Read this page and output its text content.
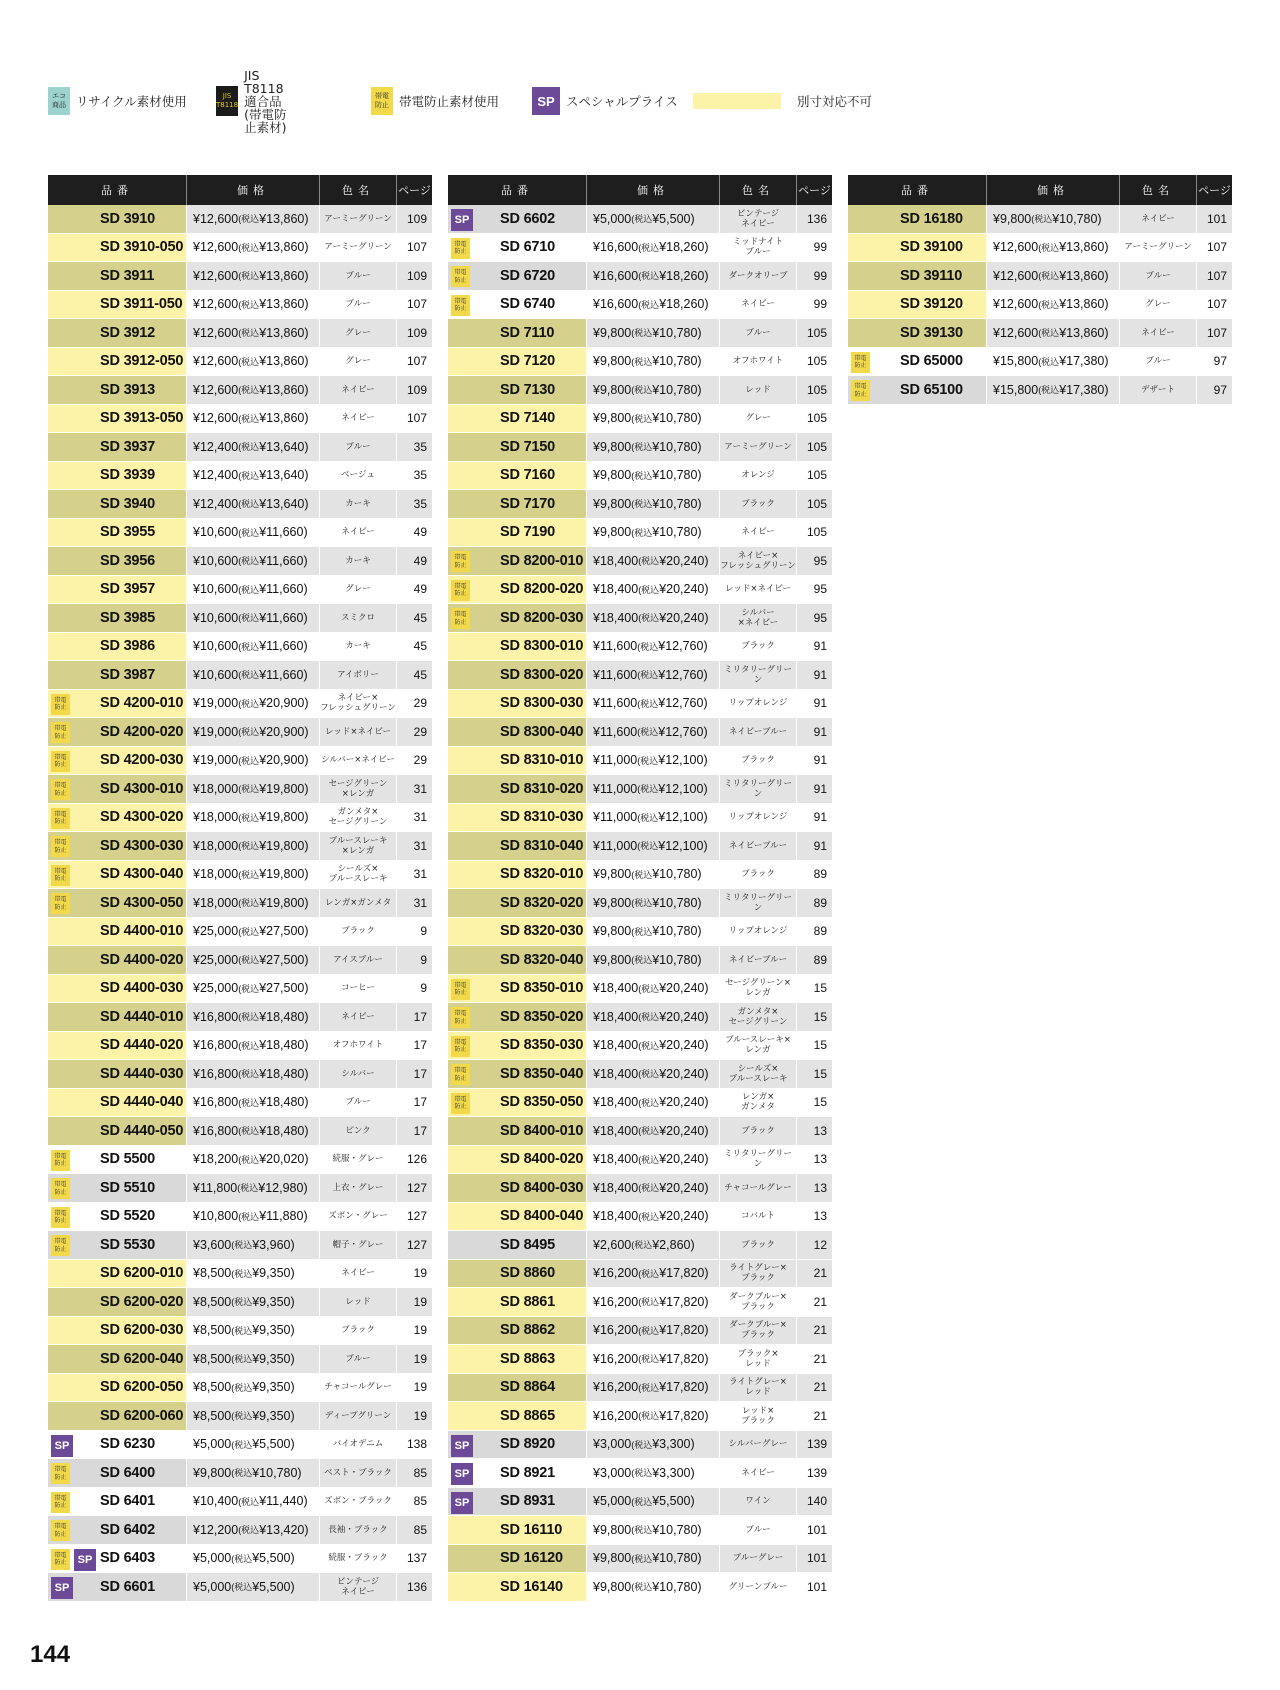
エコ
商品 リサイクル素材使用	JIS
T8118
JIS T8118適合品
(帯電防止素材)
帯電
防止 帯電防止素材使用	SP スペシャルプライス	別寸対応不可
品番	価格	色名	ページ
SD 3910	¥12,600 (税込 ¥13,860)	アーミーグリーン	109
SD 3910-050 ¥12,600 (税込 ¥13,860)	アーミーグリーン	107
SD 3911	¥12,600 (税込 ¥13,860)	ブルー	109
SD 3911-050 ¥12,600 (税込 ¥13,860)	ブルー	107
SD 3912	¥12,600 (税込 ¥13,860)	グレー	109
SD 3912-050 ¥12,600 (税込 ¥13,860)	グレー	107
SD 3913	¥12,600 (税込 ¥13,860)	ネイビー	109
SD 3913-050 ¥12,600 (税込 ¥13,860)	ネイビー	107
SD 3937	¥12,400 (税込 ¥13,640)	ブルー	35
SD 3939	¥12,400 (税込 ¥13,640)	ベージュ	35
SD 3940	¥12,400 (税込 ¥13,640)	カーキ	35
SD 3955	¥10,600 (税込 ¥11,660)	ネイビー	49
SD 3956	¥10,600 (税込 ¥11,660)	カーキ	49
SD 3957	¥10,600 (税込 ¥11,660)	グレー	49
SD 3985	¥10,600 (税込 ¥11,660)	スミクロ	45
SD 3986	¥10,600 (税込 ¥11,660)	カーキ	45
SD 3987	¥10,600 (税込 ¥11,660)	アイボリー	45
帯電
防止 SD 4200-010 ¥19,000 (税込 ¥20,900)	ネイビー×
フレッシュグリーン	29
帯電
防止 SD 4200-020 ¥19,000 (税込 ¥20,900)	レッド×ネイビー	29
帯電
防止 SD 4200-030 ¥19,000 (税込 ¥20,900) シルバー×ネイビー	29
帯電
防止 SD 4300-010 ¥18,000 (税込 ¥19,800)	セージグリーン
×レンガ	31
帯電
防止 SD 4300-020 ¥18,000 (税込 ¥19,800)	ガンメタ×
セージグリーン	31
帯電
防止 SD 4300-030 ¥18,000 (税込 ¥19,800)	ブルースレーキ
×レンガ	31
帯電
防止 SD 4300-040 ¥18,000 (税込 ¥19,800)	シールズ×
ブルースレーキ	31
帯電
防止 SD 4300-050 ¥18,000 (税込 ¥19,800)	レンガ×ガンメタ	31
SD 4400-010 ¥25,000 (税込 ¥27,500)	ブラック	9
SD 4400-020 ¥25,000 (税込 ¥27,500)	アイスブルー	9
SD 4400-030 ¥25,000 (税込 ¥27,500)	コーヒー	9
SD 4440-010 ¥16,800 (税込 ¥18,480)	ネイビー	17
SD 4440-020 ¥16,800 (税込 ¥18,480)	オフホワイト	17
SD 4440-030 ¥16,800 (税込 ¥18,480)	シルバー	17
SD 4440-040 ¥16,800 (税込 ¥18,480)	ブルー	17
SD 4440-050 ¥16,800 (税込 ¥18,480)	ピンク	17
帯電
防止 SD 5500	¥18,200 (税込 ¥20,020)	続服・グレー	126
帯電
防止 SD 5510	¥11,800 (税込 ¥12,980)	上衣・グレー	127
帯電
防止 SD 5520	¥10,800 (税込 ¥11,880)	ズボン・グレー	127
帯電
防止 SD 5530	¥3,600 (税込 ¥3,960)	帽子・グレー	127
SD 6200-010 ¥8,500 (税込 ¥9,350)	ネイビー	19
SD 6200-020 ¥8,500 (税込 ¥9,350)	レッド	19
SD 6200-030 ¥8,500 (税込 ¥9,350)	ブラック	19
SD 6200-040 ¥8,500 (税込 ¥9,350)	ブルー	19
SD 6200-050 ¥8,500 (税込 ¥9,350)	チャコールグレー	19
SD 6200-060 ¥8,500 (税込 ¥9,350)	ディープグリーン	19
SP SD 6230	¥5,000 (税込 ¥5,500)	バイオデニム	138
帯電
防止 SD 6400	¥9,800 (税込 ¥10,780)	ベスト・ブラック	85
帯電
防止 SD 6401	¥10,400 (税込 ¥11,440)	ズボン・ブラック	85
帯電
防止 SD 6402	¥12,200 (税込 ¥13,420)	長袖・ブラック	85
帯電
防止	SP SD 6403	¥5,000 (税込 ¥5,500)	続服・ブラック	137
SP SD 6601	¥5,000 (税込 ¥5,500)	ビンテージ
ネイビー	136
品番	価格	色名	ページ
SP SD 6602	¥5,000 (税込 ¥5,500)	ビンテージ
ネイビー	136
帯電
防止 SD 6710	¥16,600 (税込 ¥18,260)	ミッドナイト
ブルー	99
帯電
防止 SD 6720	¥16,600 (税込 ¥18,260)	ダークオリーブ	99
帯電
防止 SD 6740	¥16,600 (税込 ¥18,260)	ネイビー	99
SD 7110	¥9,800 (税込 ¥10,780)	ブルー	105
SD 7120	¥9,800 (税込 ¥10,780)	オフホワイト	105
SD 7130	¥9,800 (税込 ¥10,780)	レッド	105
SD 7140	¥9,800 (税込 ¥10,780)	グレー	105
SD 7150	¥9,800 (税込 ¥10,780)	アーミーグリーン	105
SD 7160	¥9,800 (税込 ¥10,780)	オレンジ	105
SD 7170	¥9,800 (税込 ¥10,780)	ブラック	105
SD 7190	¥9,800 (税込 ¥10,780)	ネイビー	105
帯電
防止 SD 8200-010 ¥18,400 (税込 ¥20,240)	ネイビー×
フレッシュグリーン	95
帯電
防止 SD 8200-020 ¥18,400 (税込 ¥20,240)	レッド×ネイビー	95
帯電
防止 SD 8200-030 ¥18,400 (税込 ¥20,240)	シルバー
×ネイビー	95
SD 8300-010 ¥11,600 (税込 ¥12,760)	ブラック	91
SD 8300-020 ¥11,600 (税込 ¥12,760)	ミリタリーグリーン	91
SD 8300-030 ¥11,600 (税込 ¥12,760)	リップオレンジ	91
SD 8300-040 ¥11,600 (税込 ¥12,760)	ネイビーブルー	91
SD 8310-010 ¥11,000 (税込 ¥12,100)	ブラック	91
SD 8310-020 ¥11,000 (税込 ¥12,100)	ミリタリーグリーン	91
SD 8310-030 ¥11,000 (税込 ¥12,100)	リップオレンジ	91
SD 8310-040 ¥11,000 (税込 ¥12,100)	ネイビーブルー	91
SD 8320-010 ¥9,800 (税込 ¥10,780)	ブラック	89
SD 8320-020 ¥9,800 (税込 ¥10,780)	ミリタリーグリーン	89
SD 8320-030 ¥9,800 (税込 ¥10,780)	リップオレンジ	89
SD 8320-040 ¥9,800 (税込 ¥10,780)	ネイビーブルー	89
帯電
防止 SD 8350-010 ¥18,400 (税込 ¥20,240)	セージグリーン×
レンガ	15
帯電
防止 SD 8350-020 ¥18,400 (税込 ¥20,240)	ガンメタ×
セージグリーン	15
帯電
防止 SD 8350-030 ¥18,400 (税込 ¥20,240)	ブルースレーキ×
レンガ	15
帯電
防止 SD 8350-040 ¥18,400 (税込 ¥20,240)	シールズ×
ブルースレーキ	15
帯電
防止 SD 8350-050 ¥18,400 (税込 ¥20,240)	レンガ×
ガンメタ	15
SD 8400-010 ¥18,400 (税込 ¥20,240)	ブラック	13
SD 8400-020 ¥18,400 (税込 ¥20,240)	ミリタリーグリーン	13
SD 8400-030 ¥18,400 (税込 ¥20,240)	チャコールグレー	13
SD 8400-040 ¥18,400 (税込 ¥20,240)	コバルト	13
SD 8495	¥2,600 (税込 ¥2,860)	ブラック	12
SD 8860	¥16,200 (税込 ¥17,820)	ライトグレー×
ブラック	21
SD 8861	¥16,200 (税込 ¥17,820)	ダークブルー×
ブラック	21
SD 8862	¥16,200 (税込 ¥17,820)	ダークブルー×
ブラック	21
SD 8863	¥16,200 (税込 ¥17,820)	ブラック×
レッド	21
SD 8864	¥16,200 (税込 ¥17,820)	ライトグレー×
レッド	21
SD 8865	¥16,200 (税込 ¥17,820)	レッド×
ブラック	21
SP SD 8920	¥3,000 (税込 ¥3,300)	シルバーグレー	139
SP SD 8921	¥3,000 (税込 ¥3,300)	ネイビー	139
SP SD 8931	¥5,000 (税込 ¥5,500)	ワイン	140
SD 16110 ¥9,800 (税込 ¥10,780)	ブルー	101
SD 16120 ¥9,800 (税込 ¥10,780)	ブルーグレー	101
SD 16140 ¥9,800 (税込 ¥10,780)	グリーンブルー	101
品番	価格	色名	ページ
SD 16180 ¥9,800 (税込 ¥10,780)	ネイビー	101
SD 39100 ¥12,600 (税込 ¥13,860)	アーミーグリーン	107
SD 39110 ¥12,600 (税込 ¥13,860)	ブルー	107
SD 39120 ¥12,600 (税込 ¥13,860)	グレー	107
SD 39130 ¥12,600 (税込 ¥13,860)	ネイビー	107
帯電
防止 SD 65000 ¥15,800 (税込 ¥17,380)	ブルー	97
帯電
防止 SD 65100 ¥15,800 (税込 ¥17,380)	デザート	97
144
